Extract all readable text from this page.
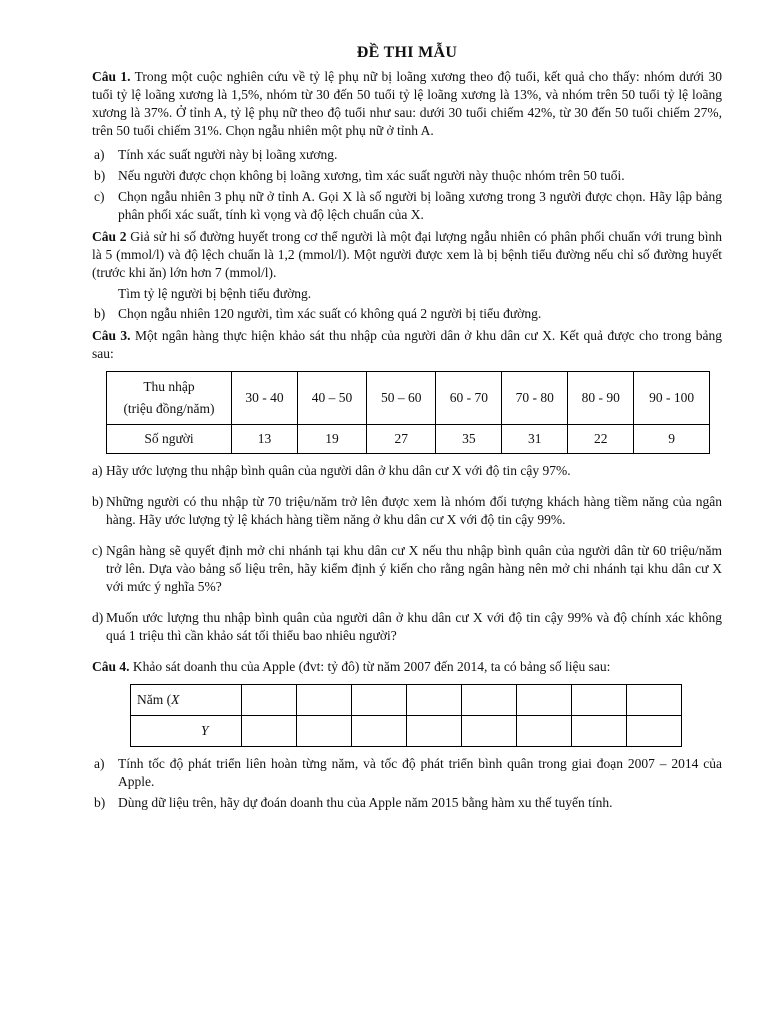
ĐỀ THI MẪU

Câu 1. Trong một cuộc nghiên cứu về tỷ lệ phụ nữ bị loãng xương theo độ tuổi, kết quả cho thấy: nhóm dưới 30 tuổi tỷ lệ loãng xương là 1,5%, nhóm từ 30 đến 50 tuổi tỷ lệ loãng xương là 13%, và nhóm trên 50 tuổi tỷ lệ loãng xương là 37%. Ở tỉnh A, tỷ lệ phụ nữ theo độ tuổi như sau: dưới 30 tuổi chiếm 42%, từ 30 đến 50 tuổi chiếm 27%, trên 50 tuổi chiếm 31%. Chọn ngẫu nhiên một phụ nữ ở tỉnh A.

a) Tính xác suất người này bị loãng xương.
b) Nếu người được chọn không bị loãng xương, tìm xác suất người này thuộc nhóm trên 50 tuổi.
c) Chọn ngẫu nhiên 3 phụ nữ ở tỉnh A. Gọi X là số người bị loãng xương trong 3 người được chọn. Hãy lập bảng phân phối xác suất, tính kì vọng và độ lệch chuẩn của X.

Câu 2 Giả sử hi số đường huyết trong cơ thể người là một đại lượng ngẫu nhiên có phân phối chuẩn với trung bình là 5 (mmol/l) và độ lệch chuẩn là 1,2 (mmol/l). Một người được xem là bị bệnh tiểu đường nếu chỉ số đường huyết (trước khi ăn) lớn hơn 7 (mmol/l).

Tìm tỷ lệ người bị bệnh tiểu đường.

b) Chọn ngẫu nhiên 120 người, tìm xác suất có không quá 2 người bị tiểu đường.

Câu 3. Một ngân hàng thực hiện khảo sát thu nhập của người dân ở khu dân cư X. Kết quả được cho trong bảng sau:

Thu nhập
(triệu đồng/năm)	30 - 40	40 – 50	50 – 60	60 - 70	70 - 80	80 - 90	90 - 100
Số người	13	19	27	35	31	22	9
a) Hãy ước lượng thu nhập bình quân của người dân ở khu dân cư X với độ tin cậy 97%.
b) Những người có thu nhập từ 70 triệu/năm trở lên được xem là nhóm đối tượng khách hàng tiềm năng của ngân hàng. Hãy ước lượng tỷ lệ khách hàng tiềm năng ở khu dân cư X với độ tin cậy 99%.
c) Ngân hàng sẽ quyết định mở chi nhánh tại khu dân cư X nếu thu nhập bình quân của người dân từ 60 triệu/năm trở lên. Dựa vào bảng số liệu trên, hãy kiểm định ý kiến cho rằng ngân hàng nên mở chi nhánh tại khu dân cư X với mức ý nghĩa 5%?
d) Muốn ước lượng thu nhập bình quân của người dân ở khu dân cư X với độ tin cậy 99% và độ chính xác không quá 1 triệu thì cần khảo sát tối thiểu bao nhiêu người?

Câu 4. Khảo sát doanh thu của Apple (đvt: tỷ đô) từ năm 2007 đến 2014, ta có bảng số liệu sau:

Năm (X								
Y								
a) Tính tốc độ phát triển liên hoàn từng năm, và tốc độ phát triển bình quân trong giai đoạn 2007 – 2014 của Apple.
b) Dùng dữ liệu trên, hãy dự đoán doanh thu của Apple năm 2015 bằng hàm xu thế tuyến tính.
